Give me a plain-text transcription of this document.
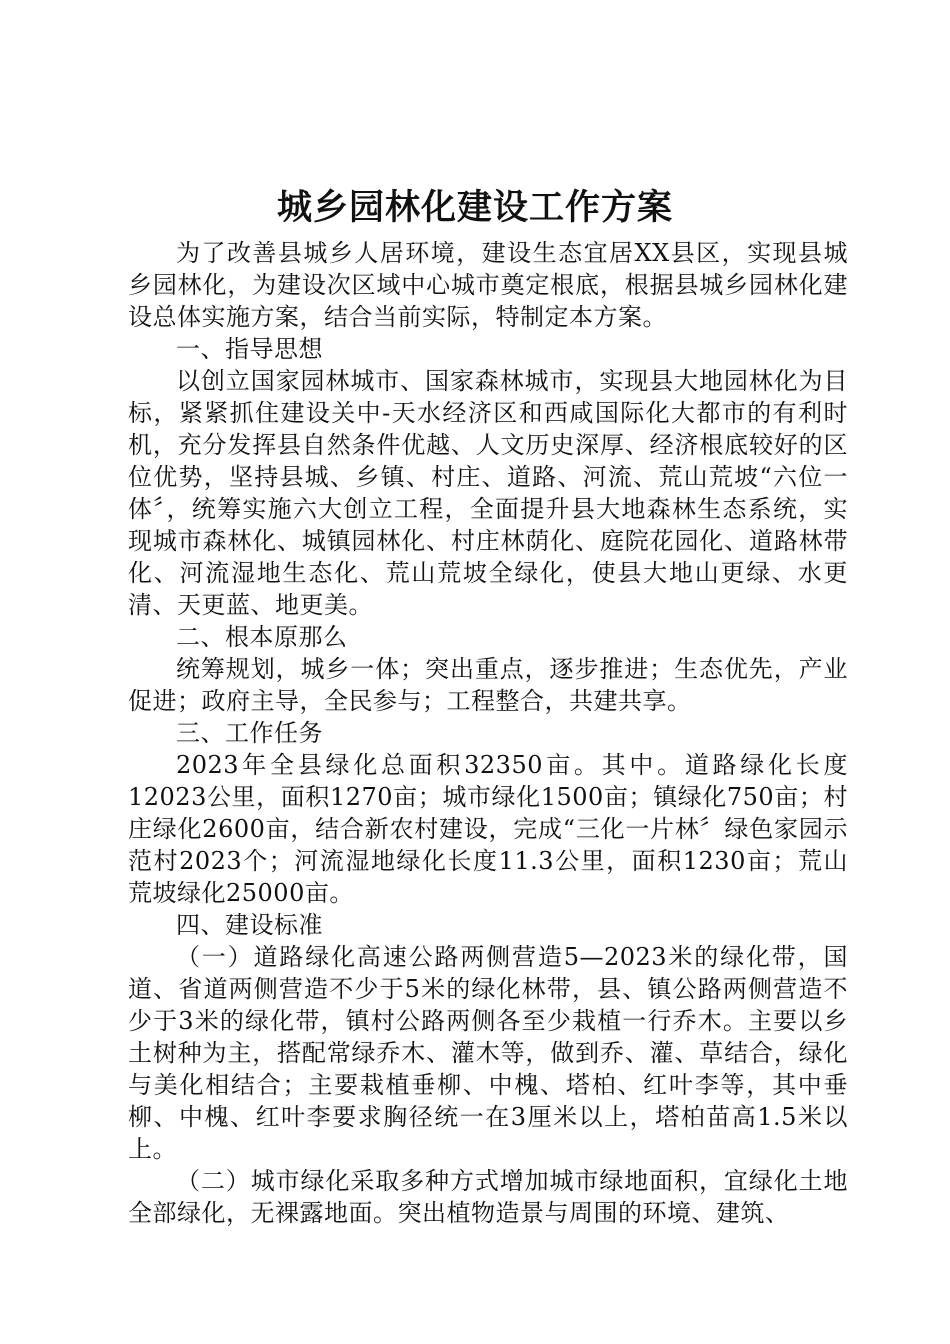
城乡园林化建设工作方案

为了改善县城乡人居环境，建设生态宜居XX县区，实现县城乡园林化，为建设次区域中心城市奠定根底，根据县城乡园林化建设总体实施方案，结合当前实际，特制定本方案。

一、指导思想

以创立国家园林城市、国家森林城市，实现县大地园林化为目标，紧紧抓住建设关中-天水经济区和西咸国际化大都市的有利时机，充分发挥县自然条件优越、人文历史深厚、经济根底较好的区位优势，坚持县城、乡镇、村庄、道路、河流、荒山荒坡“六位一体〞，统筹实施六大创立工程，全面提升县大地森林生态系统，实现城市森林化、城镇园林化、村庄林荫化、庭院花园化、道路林带化、河流湿地生态化、荒山荒坡全绿化，使县大地山更绿、水更清、天更蓝、地更美。

二、根本原那么

统筹规划，城乡一体；突出重点，逐步推进；生态优先，产业促进；政府主导，全民参与；工程整合，共建共享。

三、工作任务

2023年全县绿化总面积32350亩。其中。道路绿化长度12023公里，面积1270亩；城市绿化1500亩；镇绿化750亩；村庄绿化2600亩，结合新农村建设，完成“三化一片林〞绿色家园示范村2023个；河流湿地绿化长度11.3公里，面积1230亩；荒山荒坡绿化25000亩。

四、建设标准

（一）道路绿化高速公路两侧营造5—2023米的绿化带，国道、省道两侧营造不少于5米的绿化林带，县、镇公路两侧营造不少于3米的绿化带，镇村公路两侧各至少栽植一行乔木。主要以乡土树种为主，搭配常绿乔木、灌木等，做到乔、灌、草结合，绿化与美化相结合；主要栽植垂柳、中槐、塔柏、红叶李等，其中垂柳、中槐、红叶李要求胸径统一在3厘米以上，塔柏苗高1.5米以上。

（二）城市绿化采取多种方式增加城市绿地面积，宜绿化土地全部绿化，无裸露地面。突出植物造景与周围的环境、建筑、
